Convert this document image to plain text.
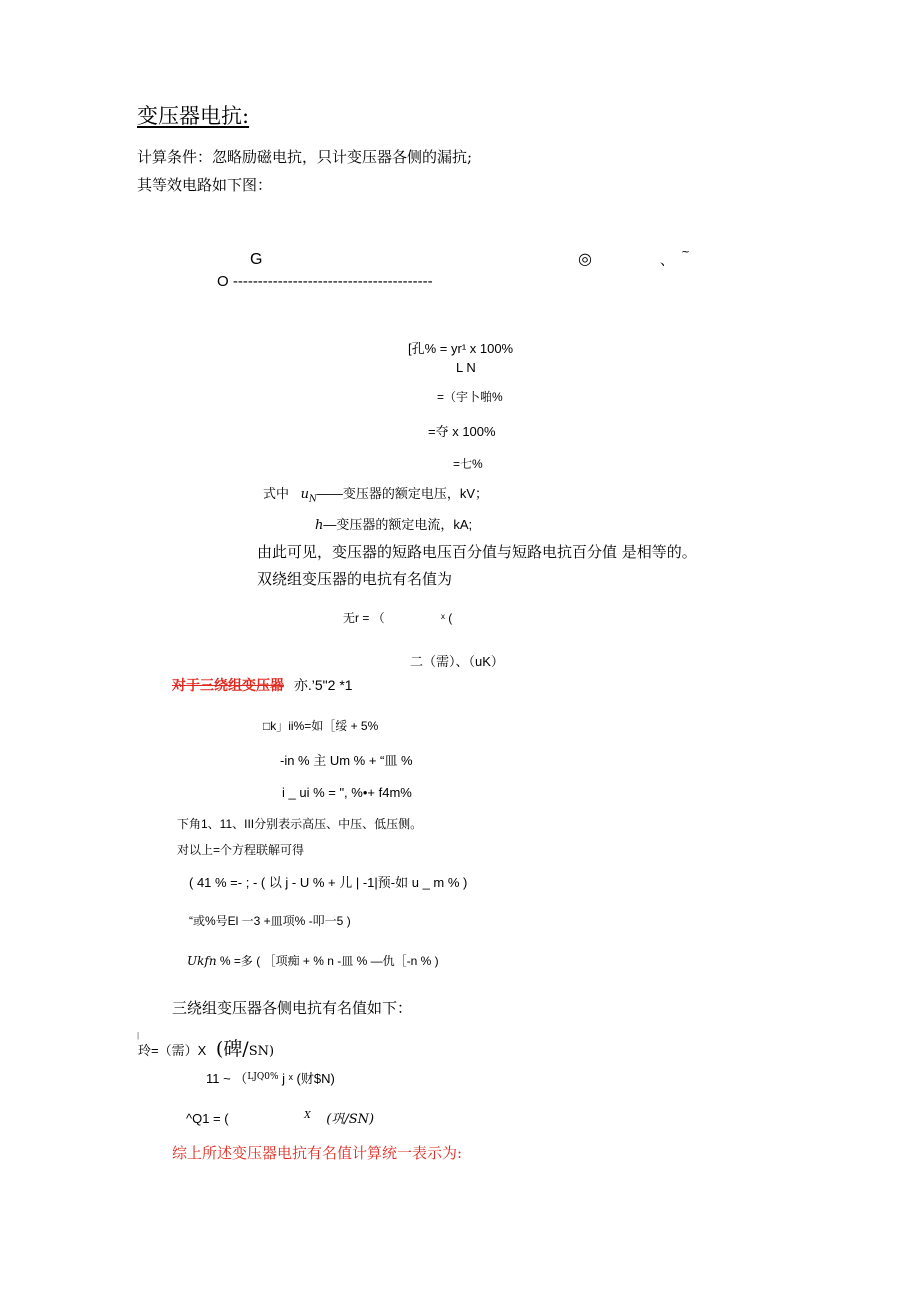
变压器电抗:
计算条件：忽略励磁电抗，只计变压器各侧的漏抗;
其等效电路如下图：
G	◎	、
~
O ----------------------------------------
[孔% = yr¹ x 100%
L N
=（宇卜啪%
=夺 x 100%
=七%
式中 $u_N——$变压器的额定电压，kV；
h—变压器的额定电流，kA;
由此可见，变压器的短路电压百分值与短路电抗百分值 是相等的。
双绕组变压器的电抗有名值为
无r = （	ˣ (
二（需）、（uK）
对于三绕组变压器 亦.’5"2 *1
□k」ii%=如［绥 + 5%
-in % 主 Um % + “皿 %
i _ ui % = ", %•+ f4m%
下角1、11、III分别表示高压、中压、低压侧。
对以上=个方程联解可得
( 41 % =- ; - ( 以 j - U % + 儿 | -1|预-如 u _ m % )
“或%号El 一3 +皿项% -叩一5 )
Ukfn % =多 ( ［项痴 + % n -皿 % —仇［-n % )
三绕组变压器各侧电抗有名值如下：
|
玲=（需）X (碑/SN)
11 ~ （$^{LJQ0\%}$ j ˣ (财$N)
^Q1 = (	$^X$ (巩/SN)
综上所述变压器电抗有名值计算统一表示为:
